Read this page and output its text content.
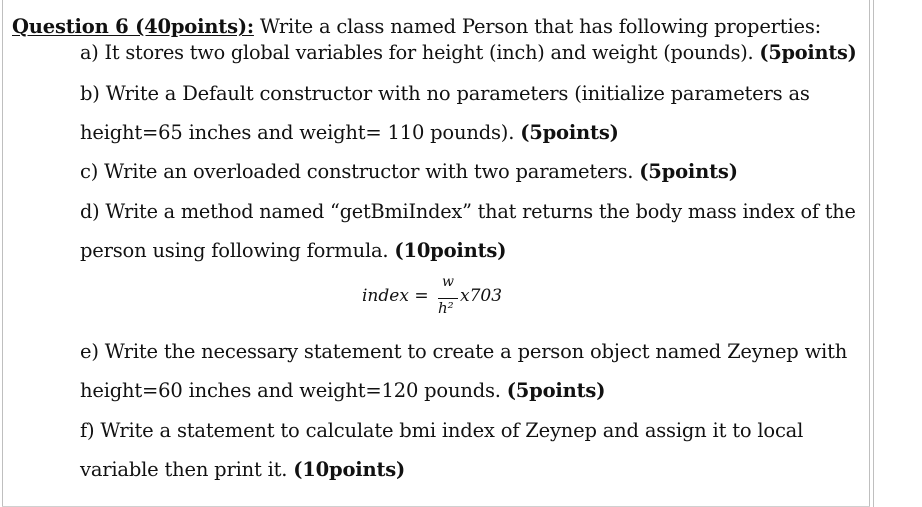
Question 6 (40points): Write a class named Person that has following properties:
a) It stores two global variables for height (inch) and weight (pounds). (5points)
b) Write a Default constructor with no parameters (initialize parameters as
height=65 inches and weight= 110 pounds). (5points)
c) Write an overloaded constructor with two parameters. (5points)
d) Write a method named “getBmiIndex” that returns the body mass index of the
person using following formula. (10points)
index =
w
h²
x703
e) Write the necessary statement to create a person object named Zeynep with
height=60 inches and weight=120 pounds. (5points)
f) Write a statement to calculate bmi index of Zeynep and assign it to local
variable then print it. (10points)
